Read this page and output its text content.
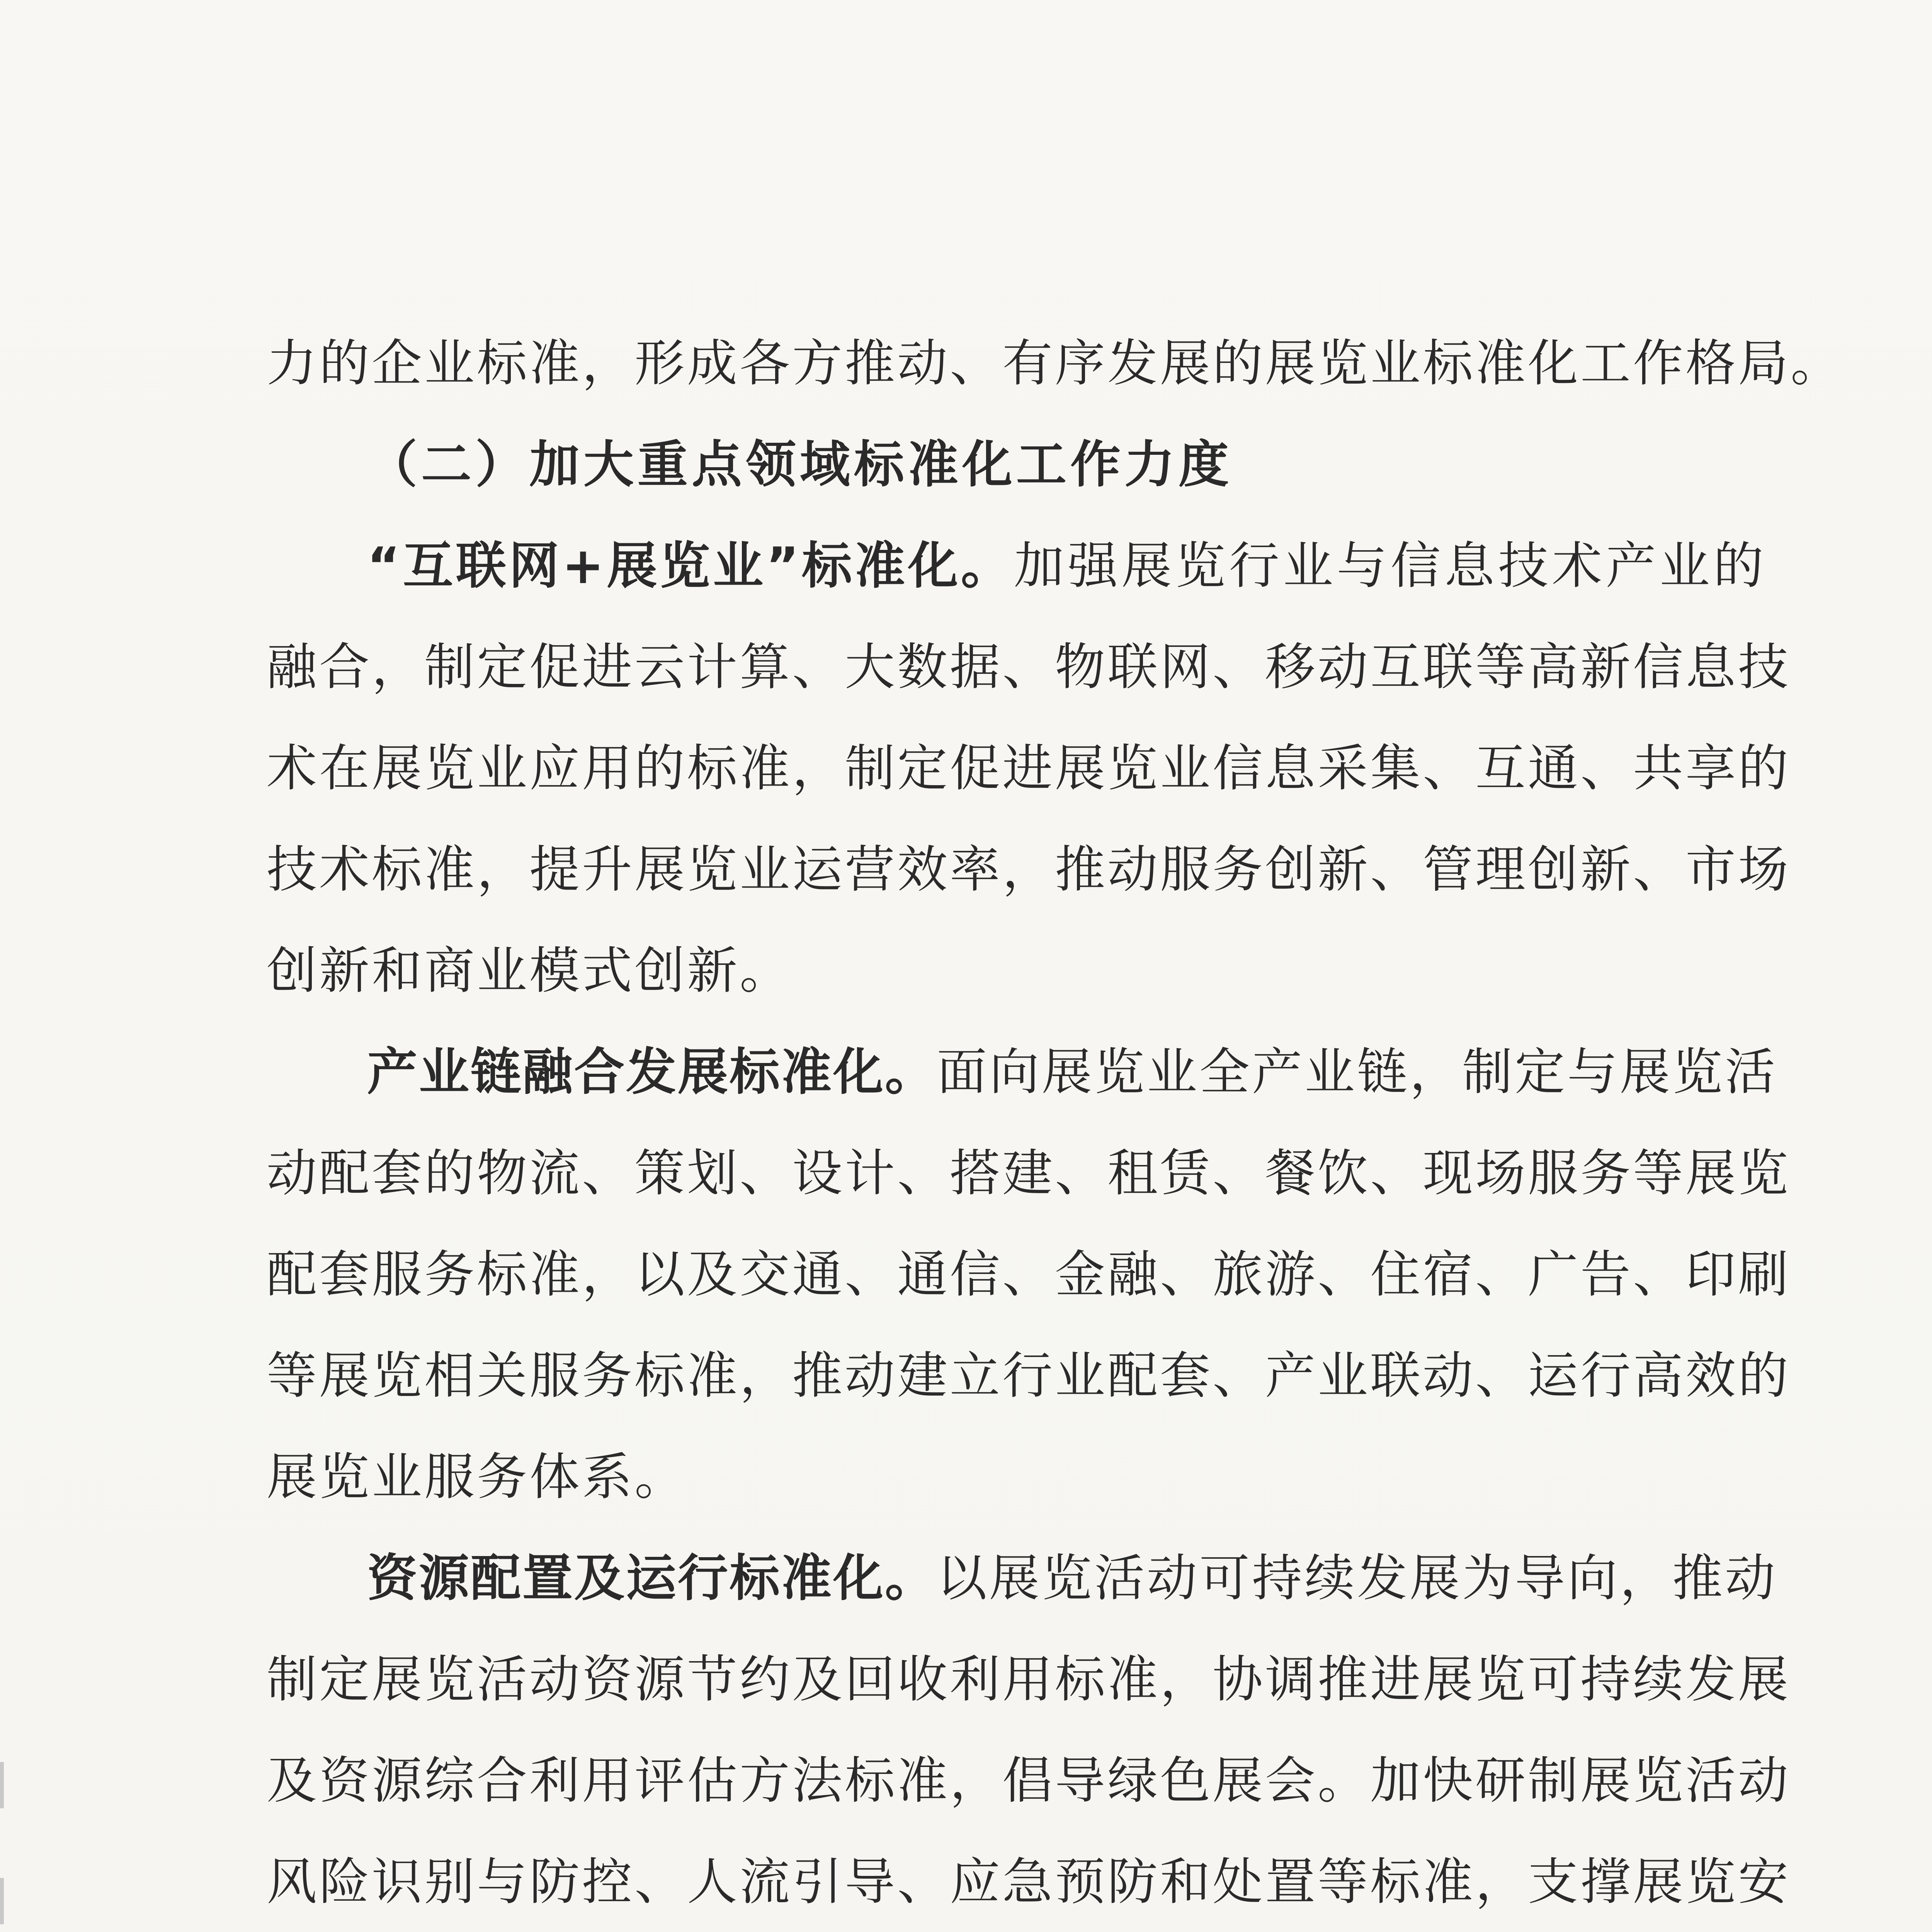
力的企业标准，形成各方推动、有序发展的展览业标准化工作格局。
（二）加大重点领域标准化工作力度
“互联网+展览业”标准化。加强展览行业与信息技术产业的
融合，制定促进云计算、大数据、物联网、移动互联等高新信息技
术在展览业应用的标准，制定促进展览业信息采集、互通、共享的
技术标准，提升展览业运营效率，推动服务创新、管理创新、市场
创新和商业模式创新。
产业链融合发展标准化。面向展览业全产业链，制定与展览活
动配套的物流、策划、设计、搭建、租赁、餐饮、现场服务等展览
配套服务标准，以及交通、通信、金融、旅游、住宿、广告、印刷
等展览相关服务标准，推动建立行业配套、产业联动、运行高效的
展览业服务体系。
资源配置及运行标准化。以展览活动可持续发展为导向，推动
制定展览活动资源节约及回收利用标准，协调推进展览可持续发展
及资源综合利用评估方法标准，倡导绿色展会。加快研制展览活动
风险识别与防控、人流引导、应急预防和处置等标准，支撑展览安
